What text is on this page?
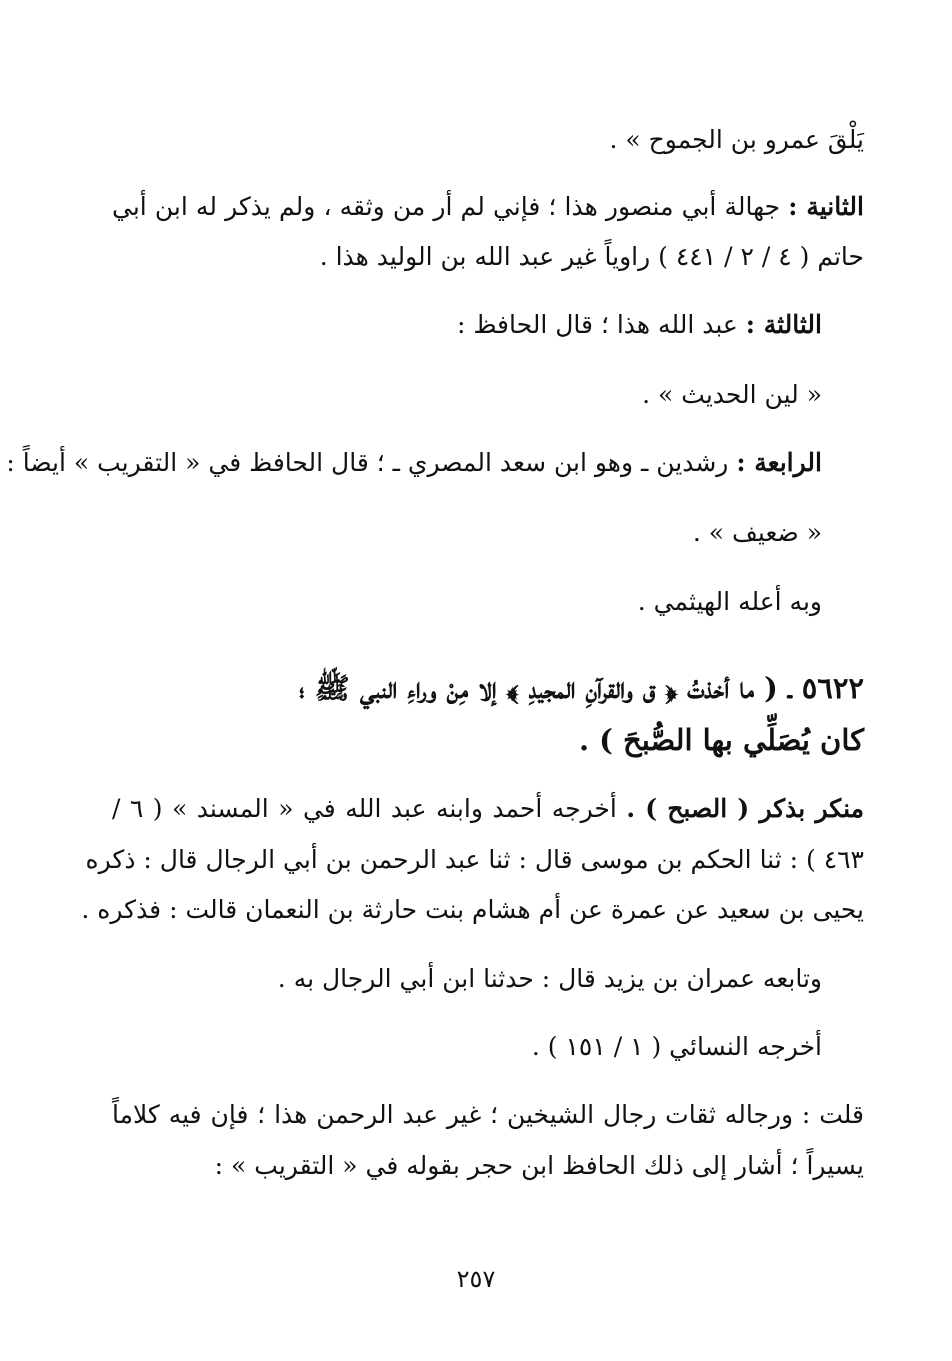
يَلْقَ عمرو بن الجموح » .
الثانية : جهالة أبي منصور هذا ؛ فإني لم أر من وثقه ، ولم يذكر له ابن أبي
حاتم ( ٤ / ٢ / ٤٤١ ) راوياً غير عبد الله بن الوليد هذا .
الثالثة : عبد الله هذا ؛ قال الحافظ :
« لين الحديث » .
الرابعة : رشدين ـ وهو ابن سعد المصري ـ ؛ قال الحافظ في « التقريب » أيضاً :
« ضعيف » .
وبه أعله الهيثمي .
٥٦٢٢ ـ ( ما أخذتُ ﴿ ق والقرآنِ المجيدِ ﴾ إلا مِنْ وراءِ النبي ﷺ ؛
كان يُصَلِّي بها الصُّبحَ ) .
منكر بذكر ( الصبح ) . أخرجه أحمد وابنه عبد الله في « المسند » ( ٦ /
٤٦٣ ) : ثنا الحكم بن موسى قال : ثنا عبد الرحمن بن أبي الرجال قال : ذكره
يحيى بن سعيد عن عمرة عن أم هشام بنت حارثة بن النعمان قالت : فذكره .
وتابعه عمران بن يزيد قال : حدثنا ابن أبي الرجال به .
أخرجه النسائي ( ١ / ١٥١ ) .
قلت : ورجاله ثقات رجال الشيخين ؛ غير عبد الرحمن هذا ؛ فإن فيه كلاماً
يسيراً ؛ أشار إلى ذلك الحافظ ابن حجر بقوله في « التقريب » :
٢٥٧
